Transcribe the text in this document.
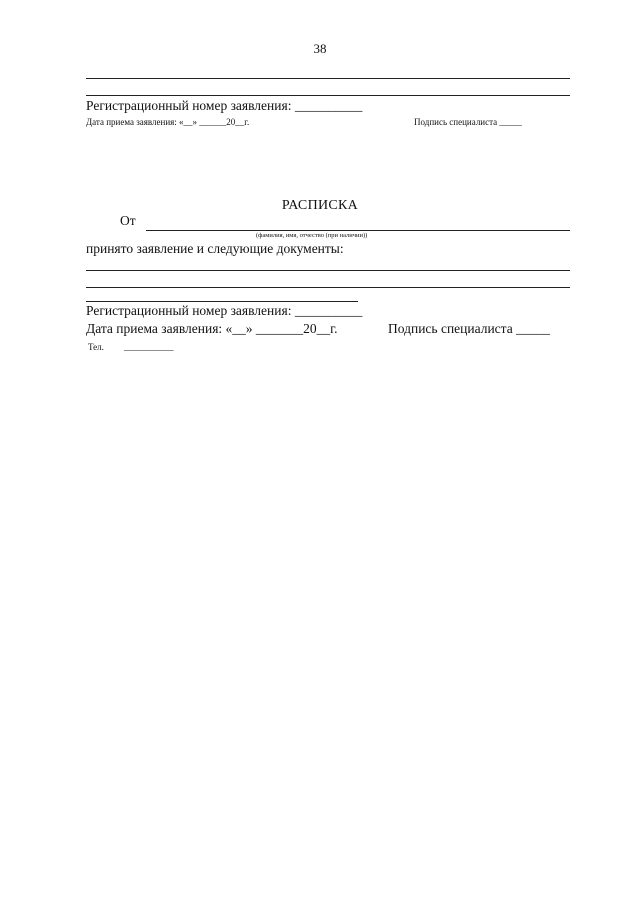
38
Регистрационный номер заявления: __________
Дата приема заявления: «__» ______20__г.	Подпись специалиста _____
РАСПИСКА
От
(фамилия, имя, отчество (при наличии))
принято заявление и следующие документы:
Регистрационный номер заявления: __________
Дата приема заявления: «__» _______20__г.	Подпись специалиста _____
Тел. ___________
